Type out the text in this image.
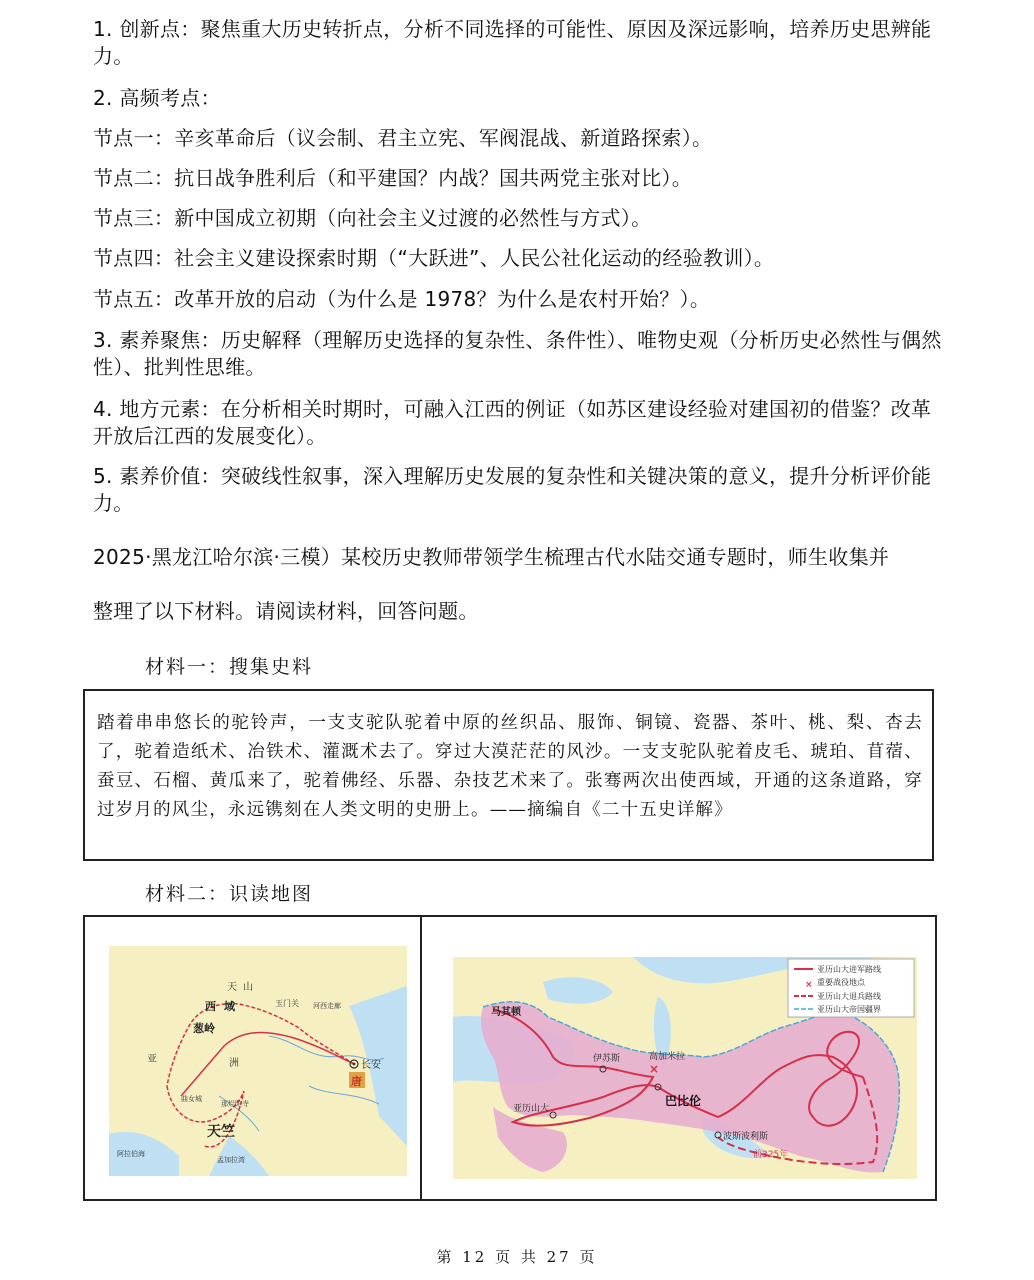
1. 创新点：聚焦重大历史转折点，分析不同选择的可能性、原因及深远影响，培养历史思辨能力。
2. 高频考点：
节点一：辛亥革命后（议会制、君主立宪、军阀混战、新道路探索）。
节点二：抗日战争胜利后（和平建国？内战？国共两党主张对比）。
节点三：新中国成立初期（向社会主义过渡的必然性与方式）。
节点四：社会主义建设探索时期（“大跃进”、人民公社化运动的经验教训）。
节点五：改革开放的启动（为什么是 1978？为什么是农村开始？）。
3. 素养聚焦：历史解释（理解历史选择的复杂性、条件性）、唯物史观（分析历史必然性与偶然性）、批判性思维。
4. 地方元素：在分析相关时期时，可融入江西的例证（如苏区建设经验对建国初的借鉴？改革开放后江西的发展变化）。
5. 素养价值：突破线性叙事，深入理解历史发展的复杂性和关键决策的意义，提升分析评价能力。
2025·黑龙江哈尔滨·三模）某校历史教师带领学生梳理古代水陆交通专题时，师生收集并
整理了以下材料。请阅读材料，回答问题。
材料一：搜集史料
踏着串串悠长的驼铃声，一支支驼队驼着中原的丝织品、服饰、铜镜、瓷器、茶叶、桃、梨、杏去了，驼着造纸术、冶铁术、灌溉术去了。穿过大漠茫茫的风沙。一支支驼队驼着皮毛、琥珀、苜蓿、蚕豆、石榴、黄瓜来了，驼着佛经、乐器、杂技艺术来了。张骞两次出使西域，开通的这条道路，穿过岁月的风尘，永远镌刻在人类文明的史册上。——摘编自《二十五史详解》
材料二：识读地图
天山
西域
葱岭
玉门关 河西走廊
长安
唐
天竺
曲女城
那烂陀寺
亚	洲
阿拉伯海
孟加拉湾
×
×
亚历山大进军路线
重要战役地点
亚历山大退兵路线
亚历山大帝国疆界
马其顿
伊苏斯	高加米拉
亚历山大
巴比伦
波斯波利斯
前325年
第 12 页 共 27 页
